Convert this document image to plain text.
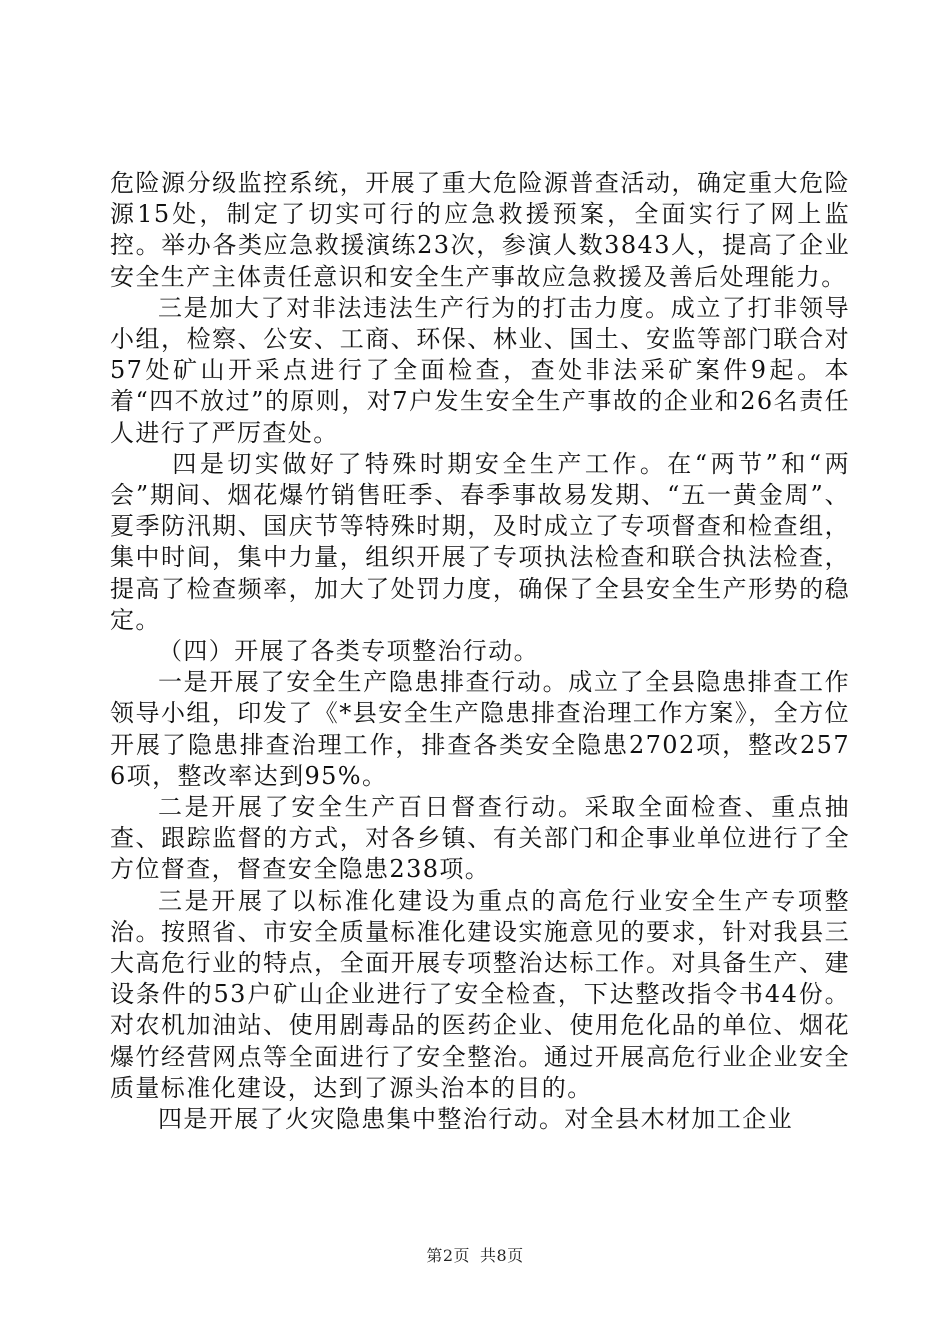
危险源分级监控系统，开展了重大危险源普查活动，确定重大危险源15处，制定了切实可行的应急救援预案，全面实行了网上监控。举办各类应急救援演练23次，参演人数3843人，提高了企业安全生产主体责任意识和安全生产事故应急救援及善后处理能力。

三是加大了对非法违法生产行为的打击力度。成立了打非领导小组，检察、公安、工商、环保、林业、国土、安监等部门联合对57处矿山开采点进行了全面检查，查处非法采矿案件9起。本着“四不放过”的原则，对7户发生安全生产事故的企业和26名责任人进行了严厉查处。

四是切实做好了特殊时期安全生产工作。在“两节”和“两会”期间、烟花爆竹销售旺季、春季事故易发期、“五一黄金周”、夏季防汛期、国庆节等特殊时期，及时成立了专项督查和检查组，集中时间，集中力量，组织开展了专项执法检查和联合执法检查，提高了检查频率，加大了处罚力度，确保了全县安全生产形势的稳定。

（四）开展了各类专项整治行动。

一是开展了安全生产隐患排查行动。成立了全县隐患排查工作领导小组，印发了《*县安全生产隐患排查治理工作方案》，全方位开展了隐患排查治理工作，排查各类安全隐患2702项，整改2576项，整改率达到95%。

二是开展了安全生产百日督查行动。采取全面检查、重点抽查、跟踪监督的方式，对各乡镇、有关部门和企事业单位进行了全方位督查，督查安全隐患238项。

三是开展了以标准化建设为重点的高危行业安全生产专项整治。按照省、市安全质量标准化建设实施意见的要求，针对我县三大高危行业的特点，全面开展专项整治达标工作。对具备生产、建设条件的53户矿山企业进行了安全检查，下达整改指令书44份。对农机加油站、使用剧毒品的医药企业、使用危化品的单位、烟花爆竹经营网点等全面进行了安全整治。通过开展高危行业企业安全质量标准化建设，达到了源头治本的目的。

四是开展了火灾隐患集中整治行动。对全县木材加工企业

第2页 共8页
